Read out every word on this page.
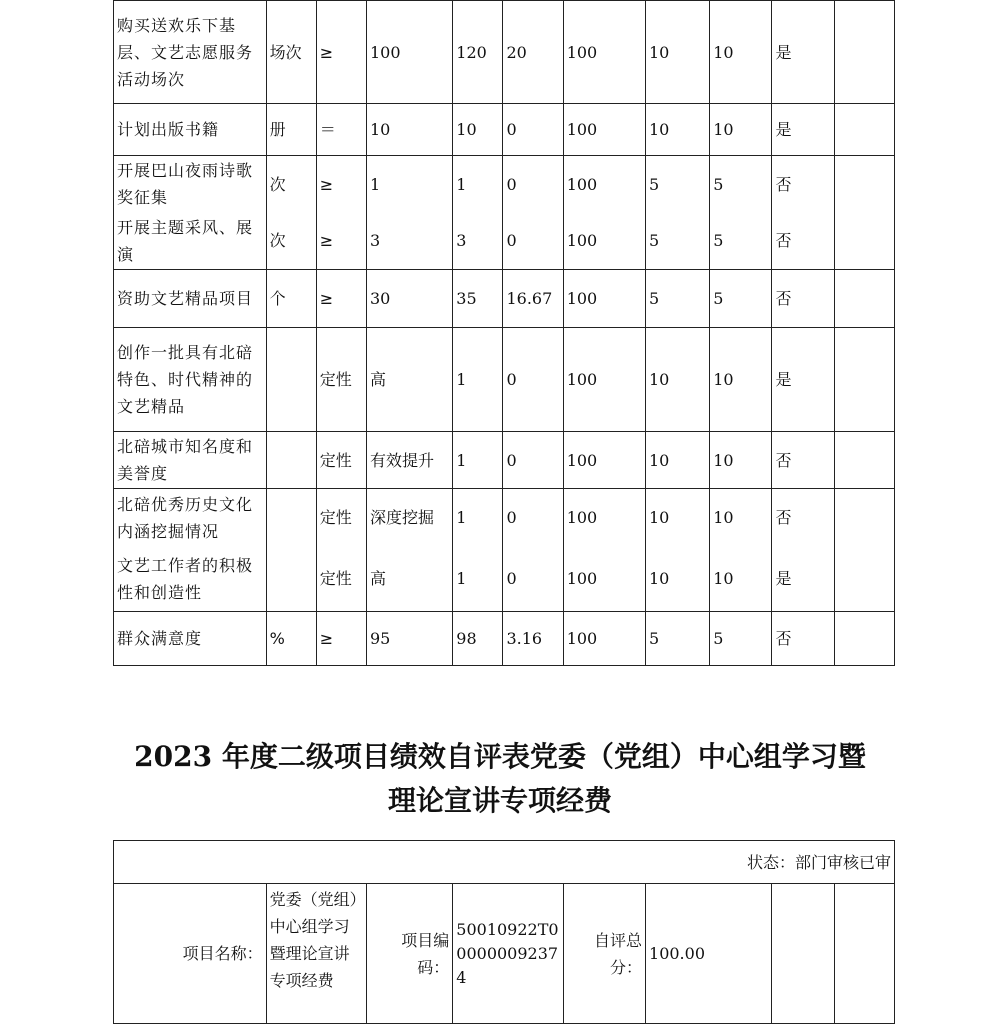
购买送欢乐下基层、文艺志愿服务活动场次	场次	≥	100	120	20	100	10	10	是	
计划出版书籍	册	＝	10	10	0	100	10	10	是	
开展巴山夜雨诗歌奖征集	次	≥	1	1	0	100	5	5	否	
开展主题采风、展演	次	≥	3	3	0	100	5	5	否	
资助文艺精品项目	个	≥	30	35	16.67	100	5	5	否	
创作一批具有北碚特色、时代精神的文艺精品		定性	高	1	0	100	10	10	是	
北碚城市知名度和美誉度		定性	有效提升	1	0	100	10	10	否	
北碚优秀历史文化内涵挖掘情况		定性	深度挖掘	1	0	100	10	10	否	
文艺工作者的积极性和创造性		定性	高	1	0	100	10	10	是	
群众满意度	%	≥	95	98	3.16	100	5	5	否	
2023 年度二级项目绩效自评表党委（党组）中心组学习暨
理论宣讲专项经费
状态：部门审核已审
项目名称：	党委（党组）中心组学习暨理论宣讲专项经费	项目编码：	50010922T000000092374	自评总分：	100.00		
